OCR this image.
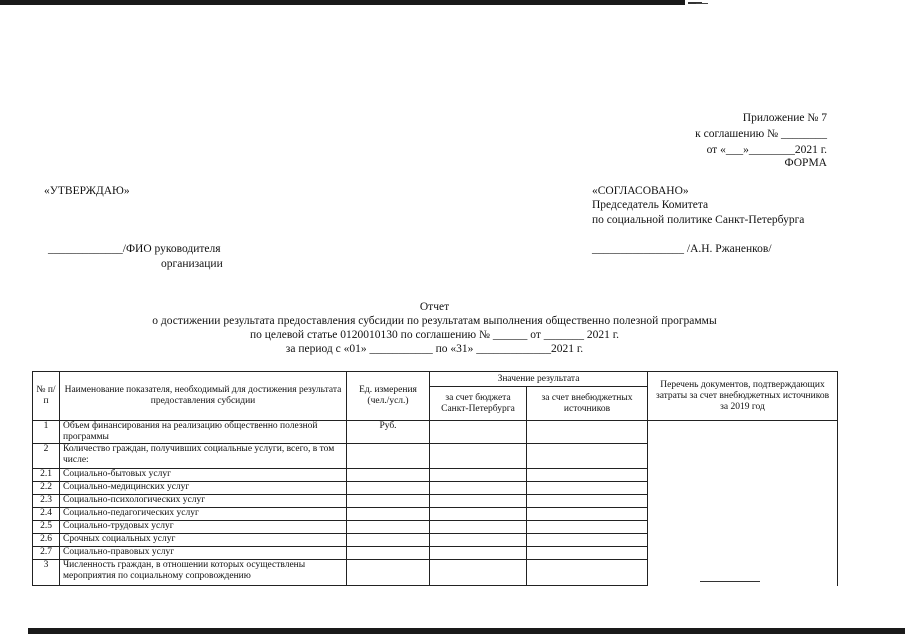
Приложение № 7
к соглашению № ________
от «___»________2021 г.
ФОРМА
«УТВЕРЖДАЮ»
_____________/ФИО руководителя
организации
«СОГЛАСОВАНО»
Председатель Комитета
по социальной политике Санкт-Петербурга
________________ /А.Н. Ржаненков/
Отчет
о достижении результата предоставления субсидии по результатам выполнения общественно полезной программы
по целевой статье 0120010130 по соглашению № ______ от _______ 2021 г.
за период с «01» ___________ по «31» _____________2021 г.
№ п/п	Наименование показателя, необходимый для достижения результата предоставления субсидии	Ед. измерения (чел./усл.)	Значение результата		Перечень документов, подтверждающих затраты за счет внебюджетных источников за 2019 год
			за счет бюджета Санкт-Петербурга	за счет внебюджетных источников	
1	Объем финансирования на реализацию общественно полезной программы	Руб.			
2	Количество граждан, получивших социальные услуги, всего, в том числе:				
2.1	Социально-бытовых услуг				
2.2	Социально-медицинских услуг				
2.3	Социально-психологических услуг				
2.4	Социально-педагогических услуг				
2.5	Социально-трудовых услуг				
2.6	Срочных социальных услуг				
2.7	Социально-правовых услуг				
3	Численность граждан, в отношении которых осуществлены мероприятия по социальному сопровождению				
